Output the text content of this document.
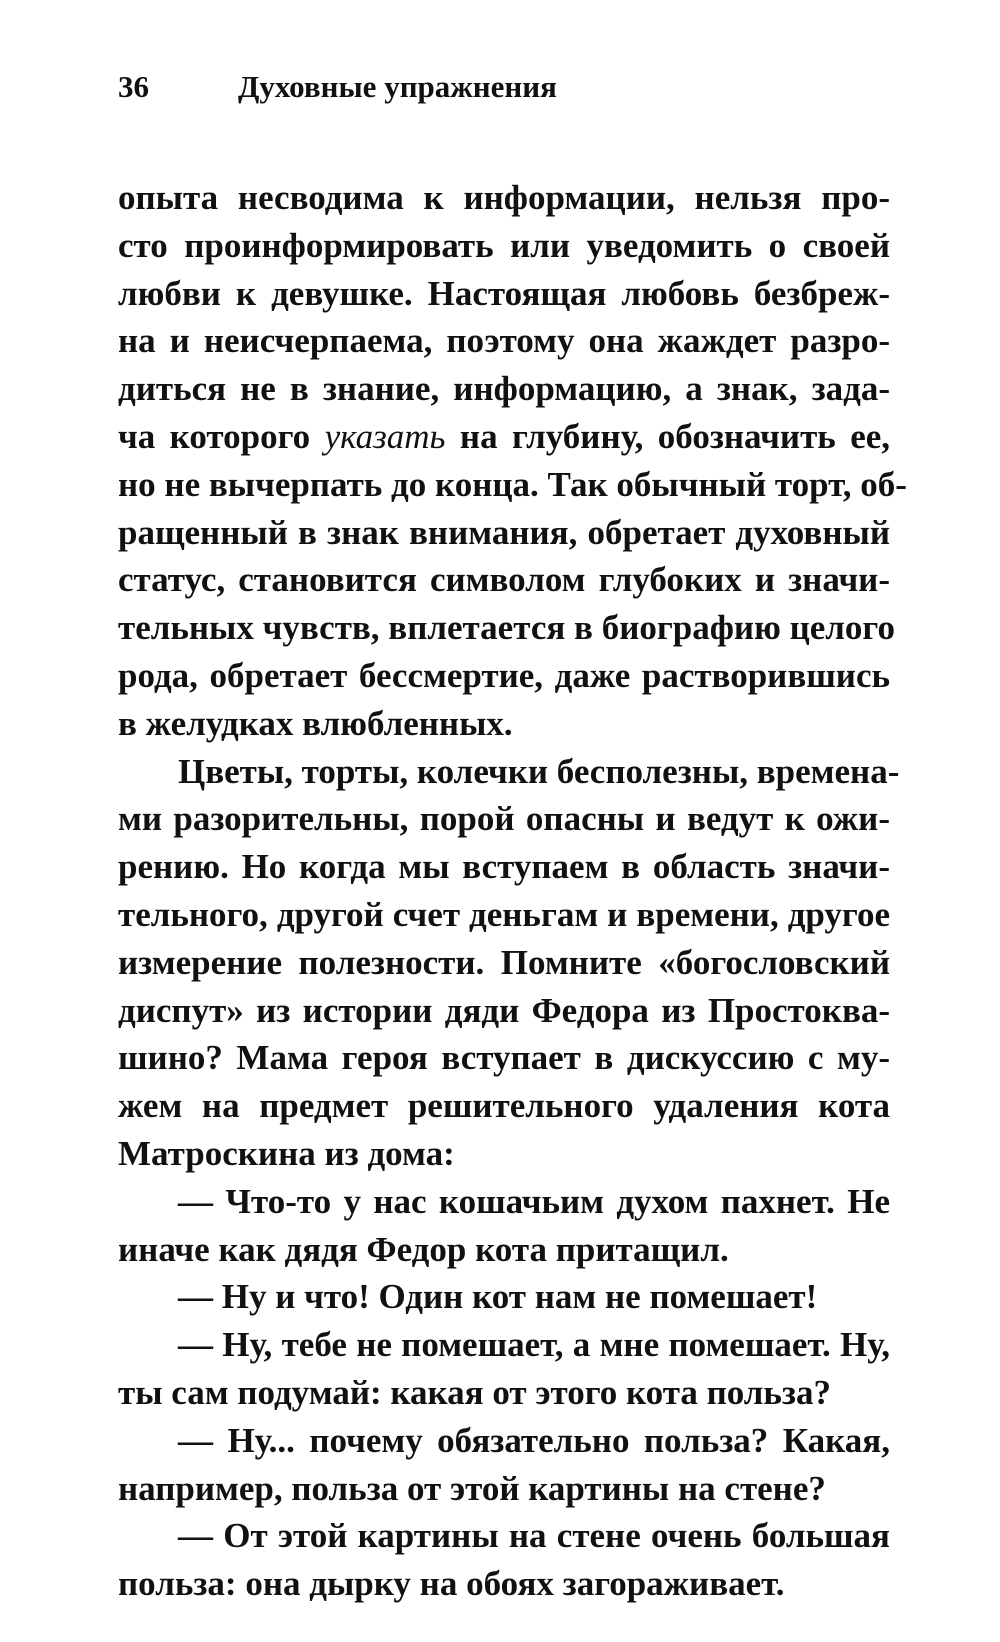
36	Духовные упражнения
опыта несводима к информации, нельзя про-
сто проинформировать или уведомить о своей
любви к девушке. Настоящая любовь безбреж-
на и неисчерпаема, поэтому она жаждет разро-
диться не в знание, информацию, а знак, зада-
ча которого указать на глубину, обозначить ее,
но не вычерпать до конца. Так обычный торт, об-
ращенный в знак внимания, обретает духовный
статус, становится символом глубоких и значи-
тельных чувств, вплетается в биографию целого
рода, обретает бессмертие, даже растворившись
в желудках влюбленных.
Цветы, торты, колечки бесполезны, времена-
ми разорительны, порой опасны и ведут к ожи-
рению. Но когда мы вступаем в область значи-
тельного, другой счет деньгам и времени, другое
измерение полезности. Помните «богословский
диспут» из истории дяди Федора из Простоква-
шино? Мама героя вступает в дискуссию с му-
жем на предмет решительного удаления кота
Матроскина из дома:
— Что-то у нас кошачьим духом пахнет. Не
иначе как дядя Федор кота притащил.
— Ну и что! Один кот нам не помешает!
— Ну, тебе не помешает, а мне помешает. Ну,
ты сам подумай: какая от этого кота польза?
— Ну... почему обязательно польза? Какая,
например, польза от этой картины на стене?
— От этой картины на стене очень большая
польза: она дырку на обоях загораживает.
